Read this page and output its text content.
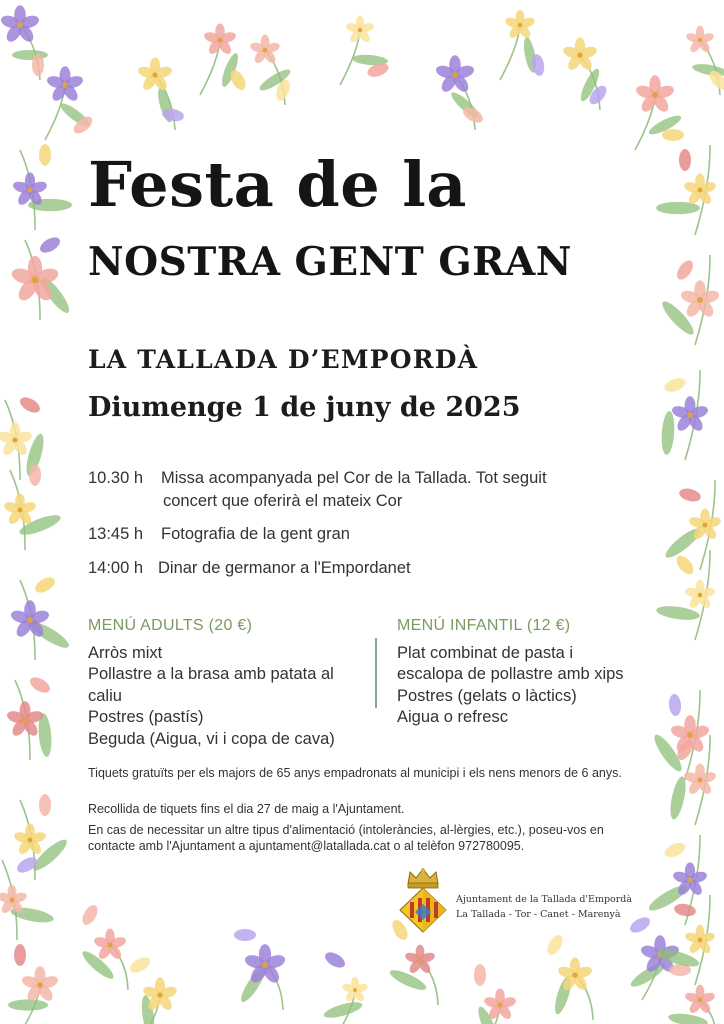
Festa de la
NOSTRA GENT GRAN
LA TALLADA D’EMPORDÀ
Diumenge 1 de juny de 2025
10.30 h Missa acompanyada pel Cor de la Tallada. Tot seguit
concert que oferirà el mateix Cor
13:45 h Fotografia de la gent gran
14:00 h Dinar de germanor a l'Empordanet
MENÚ ADULTS (20 €)
Arròs mixt
Pollastre a la brasa amb patata al
caliu
Postres (pastís)
Beguda (Aigua, vi i copa de cava)
MENÚ INFANTIL (12 €)
Plat combinat de pasta i
escalopa de pollastre amb xips
Postres (gelats o làctics)
Aigua o refresc
Tiquets gratuïts per els majors de 65 anys empadronats al municipi i els nens menors de 6 anys.
Recollida de tiquets fins el dia 27 de maig a l'Ajuntament.
En cas de necessitar un altre tipus d'alimentació (intoleràncies, al-lèrgies, etc.), poseu-vos en contacte amb l'Ajuntament a ajuntament@latallada.cat o al telèfon 972780095.
Ajuntament de la Tallada d'Empordà
La Tallada - Tor - Canet - Marenyà
